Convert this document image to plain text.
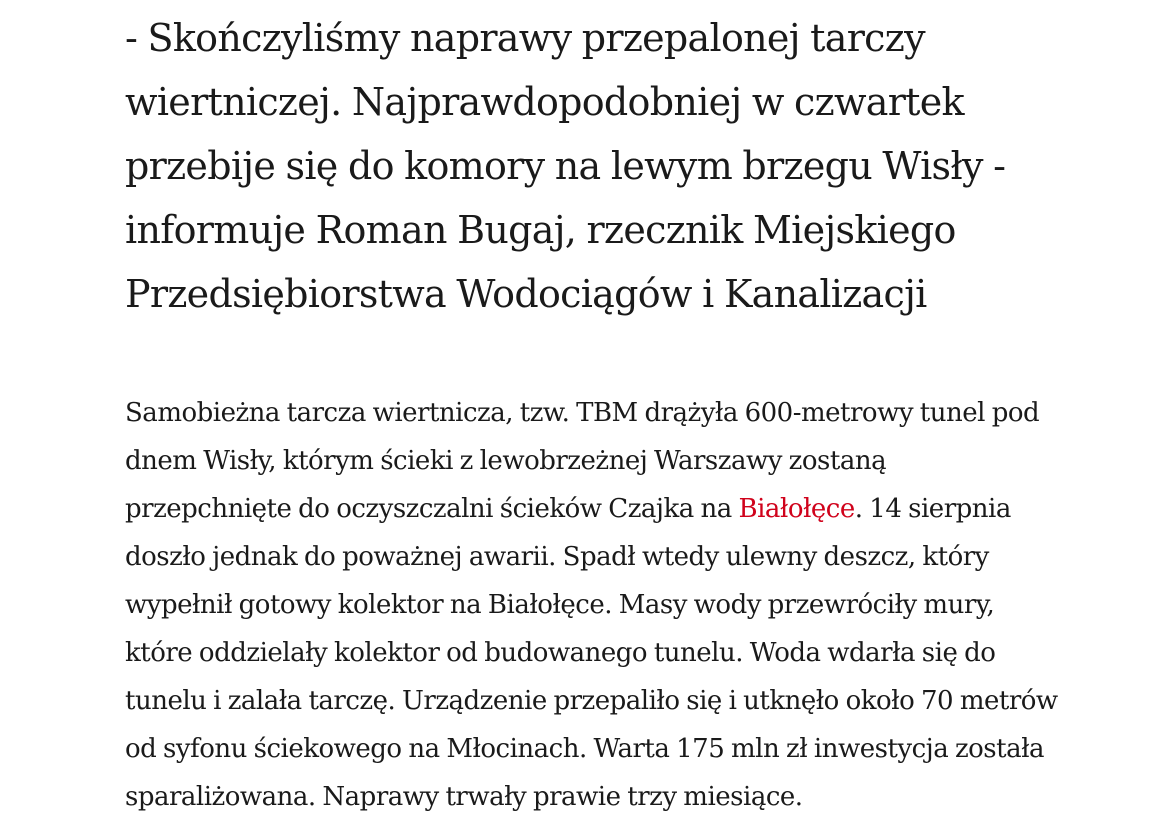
- Skończyliśmy naprawy przepalonej tarczy
wiertniczej. Najprawdopodobniej w czwartek
przebije się do komory na lewym brzegu Wisły -
informuje Roman Bugaj, rzecznik Miejskiego
Przedsiębiorstwa Wodociągów i Kanalizacji

Samobieżna tarcza wiertnicza, tzw. TBM drążyła 600-metrowy tunel pod
dnem Wisły, którym ścieki z lewobrzeżnej Warszawy zostaną
przepchnięte do oczyszczalni ścieków Czajka na Białołęce. 14 sierpnia
doszło jednak do poważnej awarii. Spadł wtedy ulewny deszcz, który
wypełnił gotowy kolektor na Białołęce. Masy wody przewróciły mury,
które oddzielały kolektor od budowanego tunelu. Woda wdarła się do
tunelu i zalała tarczę. Urządzenie przepaliło się i utknęło około 70 metrów
od syfonu ściekowego na Młocinach. Warta 175 mln zł inwestycja została
sparaliżowana. Naprawy trwały prawie trzy miesiące.
